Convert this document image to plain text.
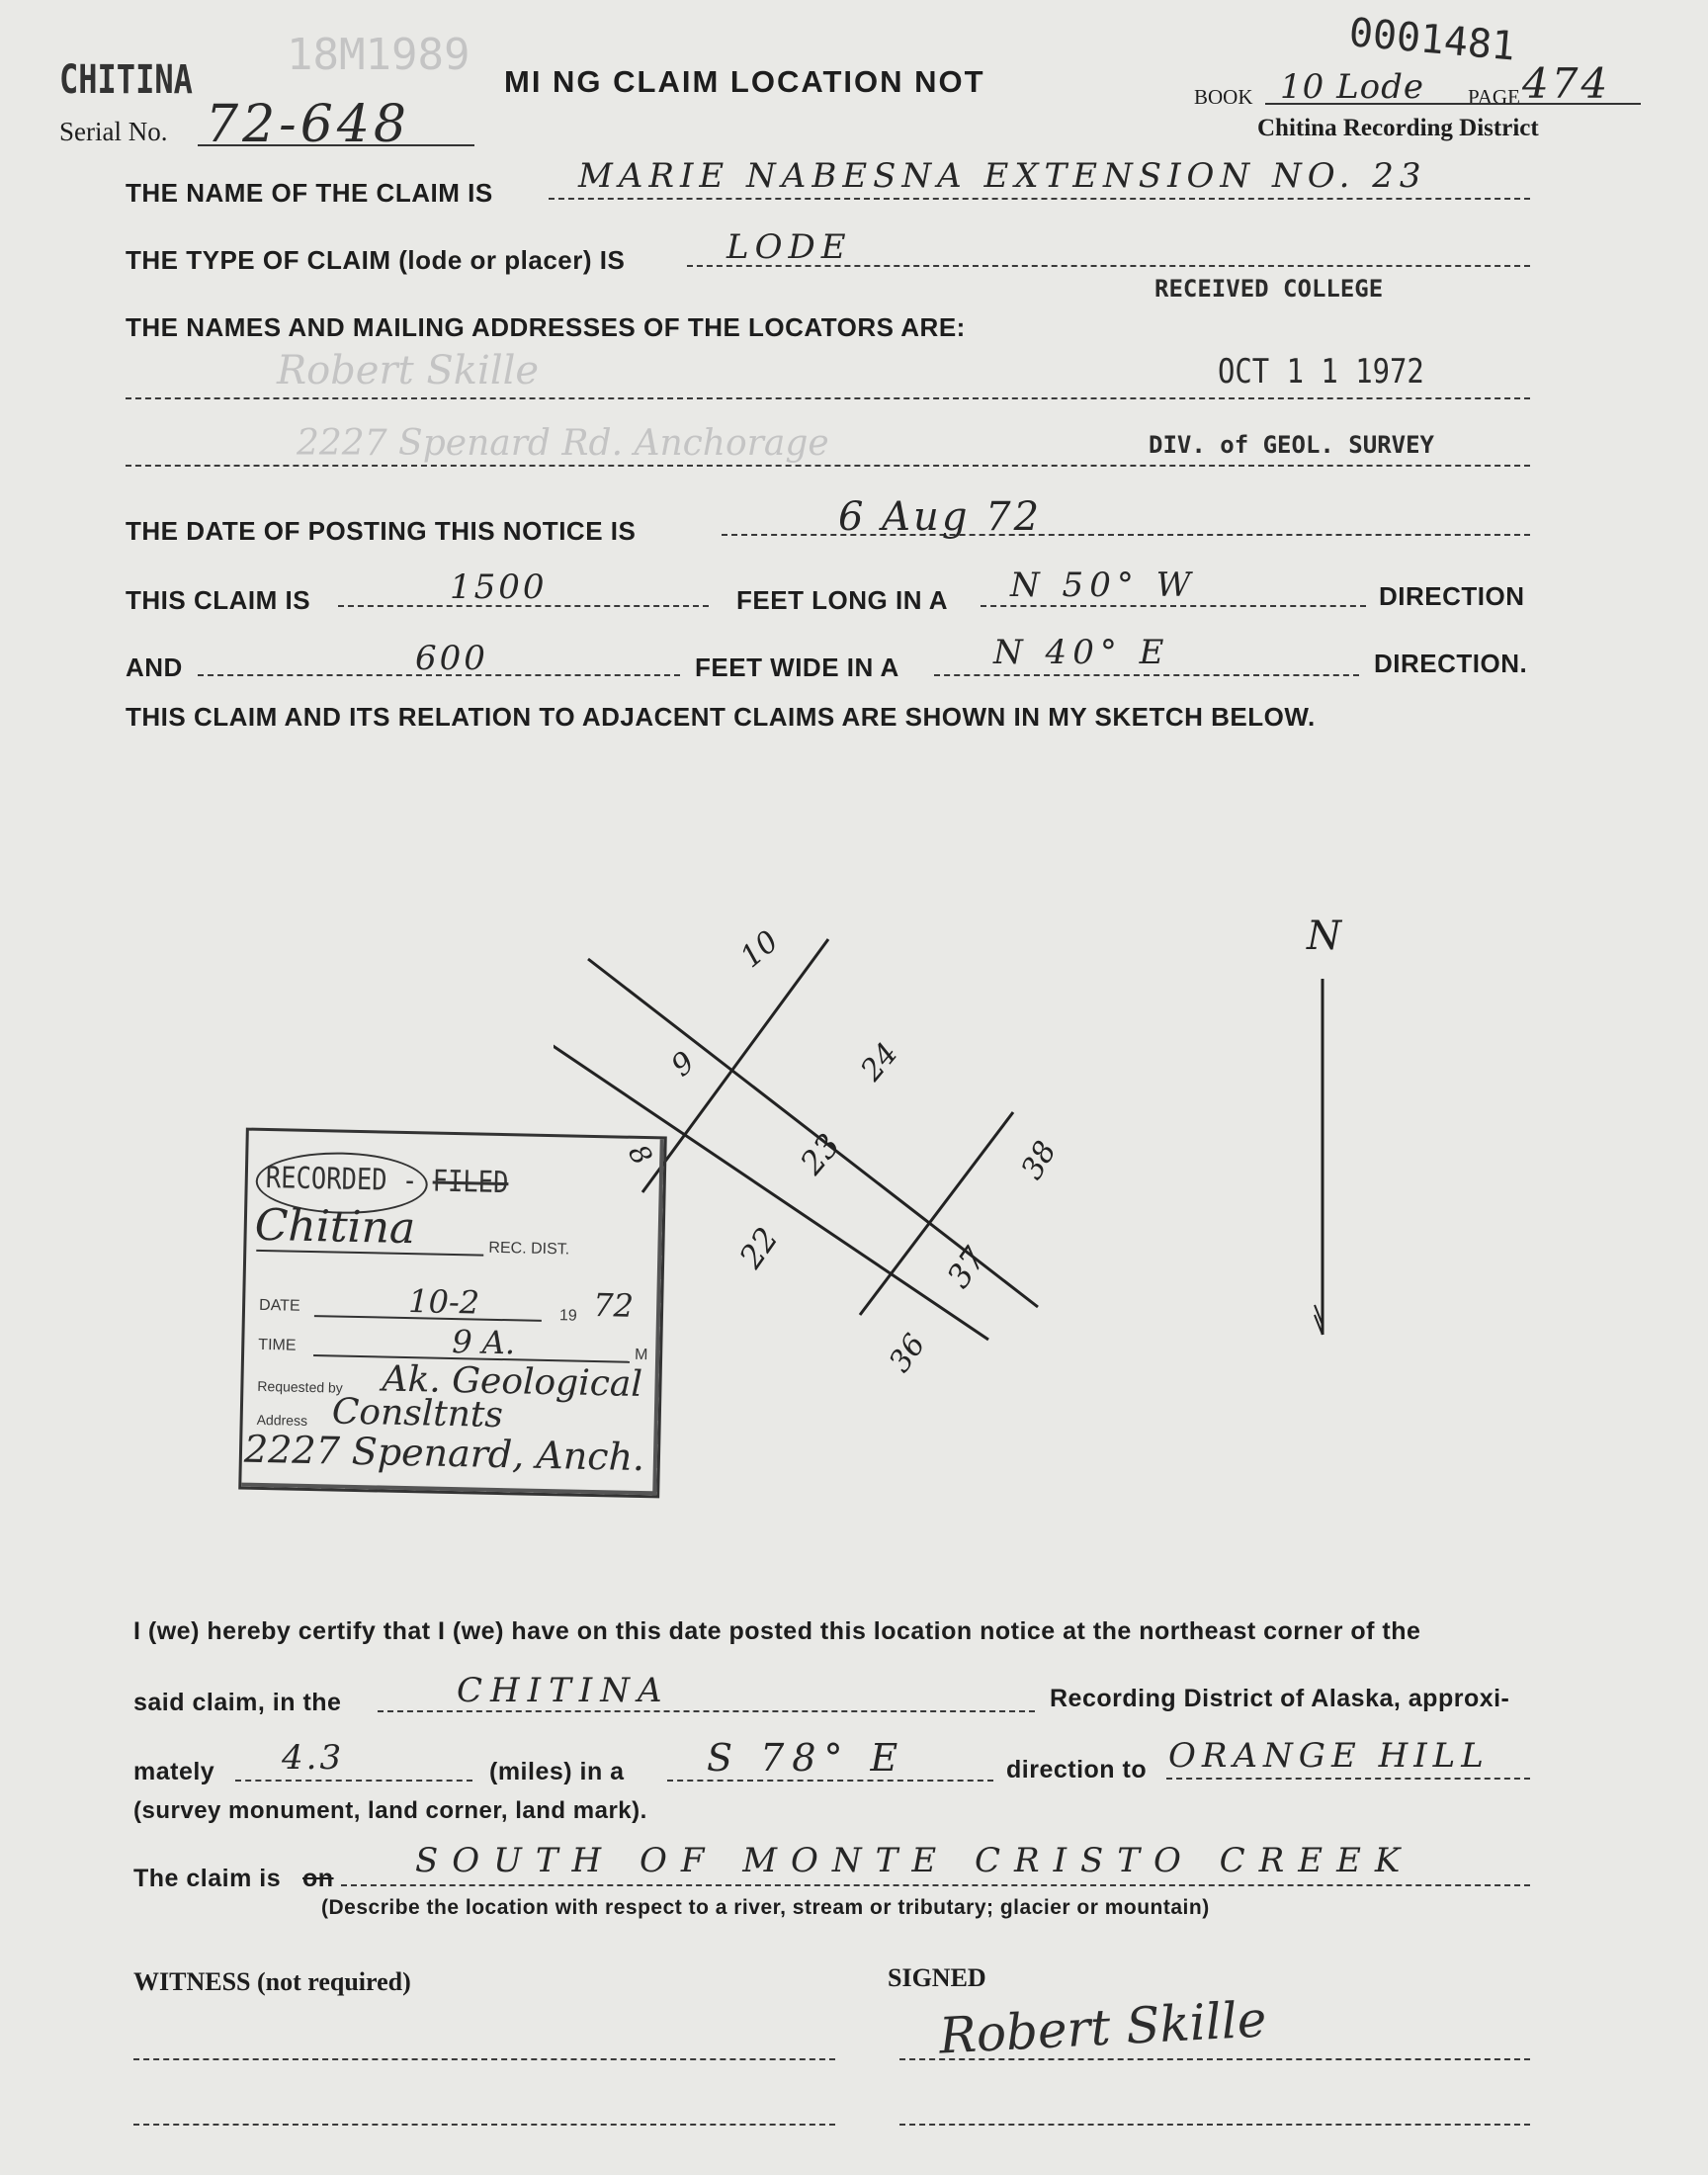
CHITINA 18M1989
Serial No. 72-648
MI NG CLAIM LOCATION NOT
0001481
BOOK 10 Lode PAGE 474
Chitina Recording District
THE NAME OF THE CLAIM IS	MARIE NABESNA EXTENSION NO. 23
THE TYPE OF CLAIM (lode or placer) IS	LODE
RECEIVED COLLEGE
THE NAMES AND MAILING ADDRESSES OF THE LOCATORS ARE:
Robert Skille	OCT 1 1 1972
2227 Spenard Rd. Anchorage	DIV. of GEOL. SURVEY
THE DATE OF POSTING THIS NOTICE IS	6 Aug 72
THIS CLAIM IS	1500	FEET LONG IN A N 50° W	DIRECTION
AND	600	FEET WIDE IN A	N 40° E	DIRECTION.
THIS CLAIM AND ITS RELATION TO ADJACENT CLAIMS ARE SHOWN IN MY SKETCH BELOW.
10
9	24
8	23	38
22	37
36
N
RECORDED - FILED
Chitina	REC. DIST.
DATE	10-2	19 72
TIME	9 A.	M
Requested by Ak. Geological
Address Consltnts
2227 Spenard, Anch.
I (we) hereby certify that I (we) have on this date posted this location notice at the northeast corner of the
said claim, in the	CHITINA	Recording District of Alaska, approxi-
mately 4.3	(miles) in a S 78° E	direction to ORANGE HILL
(survey monument, land corner, land mark).
The claim is on SOUTH OF MONTE CRISTO CREEK
(Describe the location with respect to a river, stream or tributary; glacier or mountain)
WITNESS (not required)	SIGNED
Robert Skille
